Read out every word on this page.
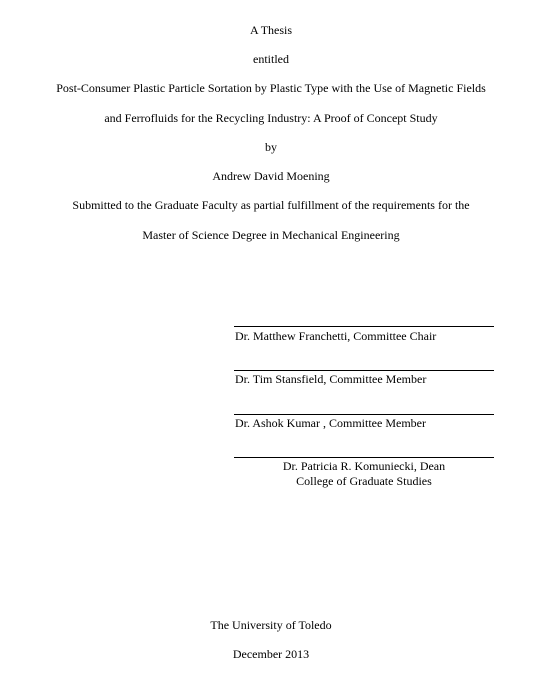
A Thesis
entitled
Post-Consumer Plastic Particle Sortation by Plastic Type with the Use of Magnetic Fields
and Ferrofluids for the Recycling Industry: A Proof of Concept Study
by
Andrew David Moening
Submitted to the Graduate Faculty as partial fulfillment of the requirements for the
Master of Science Degree in Mechanical Engineering
Dr. Matthew Franchetti, Committee Chair
Dr. Tim Stansfield, Committee Member
Dr. Ashok Kumar , Committee Member
Dr. Patricia R. Komuniecki, Dean
College of Graduate Studies
The University of Toledo
December 2013
